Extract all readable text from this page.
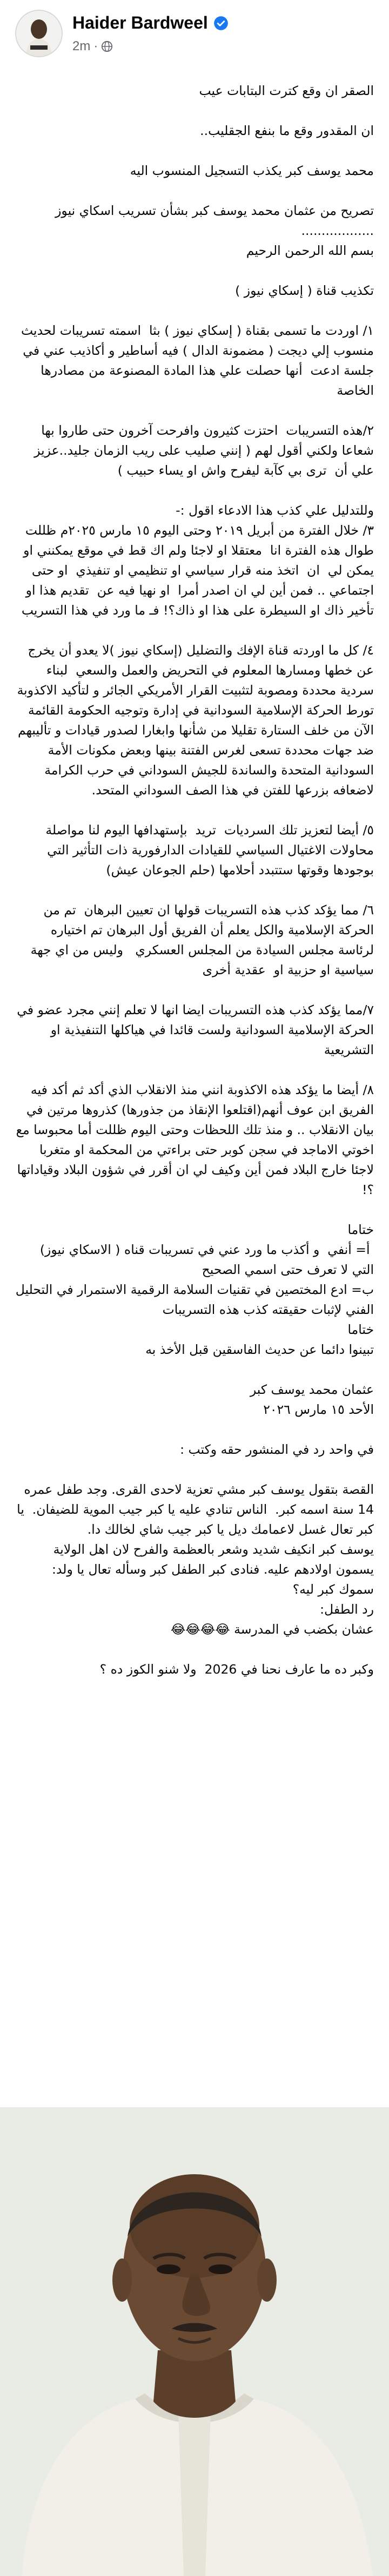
Haider Bardweel
2m ·

الصقر ان وقع كترت البتابات عيب

ان المقدور وقع ما بنفع الجقليب..

محمد يوسف كبر يكذب التسجيل المنسوب اليه

تصريح من عثمان محمد يوسف كبر بشأن تسريب اسكاي نيوز
..................
بسم الله الرحمن الرحيم

تكذيب قناة ( إسكاي نيوز )

١/ اوردت ما تسمى بقناة ( إسكاي نيوز ) بثا  اسمته تسريبات لحديث منسوب إلي ديجت ( مضمونة الدال ) فيه أساطير و أكاذيب عني في جلسة ادعت  أنها حصلت علي هذا المادة المصنوعة من مصادرها الخاصة

٢/هذه التسريبات  احتزت كثيرون وافرحت آخرون حتى طاروا بها شعاعا ولكني أقول لهم ( إنني صليب على ريب الزمان جليد..عزيز علي أن  ترى بي كآبة ليفرح واش او يساء حبيب )

وللتدليل علي كذب هذا الادعاء اقول :-
٣/ خلال الفترة من أبريل ٢٠١٩ وحتى اليوم ١٥ مارس ٢٠٢٥م ظللت طوال هذه الفترة انا  معتقلا او لاجئا ولم اك قط في موقع يمكنني او يمكن لي  ان  اتخذ منه قرار سياسي او تنظيمي او تنفيذي  او حتى اجتماعي .. فمن أين لي ان اصدر أمرا  او نهيا فيه عن  تقديم هذا او تأخير ذاك او السيطرة على هذا او ذاك؟! فـ ما ورد في هذا التسريب

٤/ كل ما اوردته قناة الإفك والتضليل (إسكاي نيوز )لا يعدو أن يخرج عن خطها ومسارها المعلوم في التحريض والعمل والسعي  لبناء سردية محددة ومصوبة لتثبيت القرار الأمريكي الجائر و لتأكيد الاكذوبة تورط الحركة الإسلامية السودانية في إدارة وتوجيه الحكومة القائمة الآن من خلف الستارة تقليلا من شأنها وابغارا لصدور قيادات و تأليبهم ضد جهات محددة تسعى لغرس الفتنة بينها وبعض مكونات الأمة السودانية المتحدة والساندة للجيش السوداني في حرب الكرامة لاضعافه بزرعها للفتن في هذا الصف السوداني المتحد.

٥/ أيضا لتعزيز تلك السرديات  تريد  بإستهدافها اليوم لنا مواصلة محاولات الاغتيال السياسي للقيادات الدارفورية ذات التأثير التي بوجودها وقوتها ستتبدد أحلامها (حلم الجوعان عيش)

٦/ مما يؤكد كذب هذه التسريبات قولها ان تعيين البرهان  تم من الحركة الإسلامية والكل يعلم أن الفريق أول البرهان تم اختياره لرئاسة مجلس السيادة من المجلس العسكري   وليس من اي جهة سياسية او حزبية او  عقدية أخرى

٧/مما يؤكد كذب هذه التسريبات ايضا انها لا تعلم إنني مجرد عضو في الحركة الإسلامية السودانية ولست قائدا في هياكلها التنفيذية او التشريعية

٨/ أيضا ما يؤكد هذه الاكذوبة انني منذ الانقلاب الذي أكد ثم أكد فيه الفريق ابن عوف أنهم(اقتلعوا الإنقاذ من جذورها) كذروها مرتين في بيان الانقلاب .. و منذ تلك اللحظات وحتى اليوم ظللت أما محبوسا مع اخوتي الاماجد في سجن كوبر حتى براءتي من المحكمة او متغربا لاجئا خارج البلاد فمن أين وكيف لي ان أقرر في شؤون البلاد وقياداتها ؟!

ختاما
أ= أنفي  و أكذب ما ورد عني في تسريبات قناه ( الاسكاي نيوز) التي لا تعرف حتى اسمي الصحيح
ب= ادع المختصين في تقنيات السلامة الرقمية الاستمرار في التحليل الفني لإثبات حقيقته كذب هذه التسريبات
ختاما
تبينوا دائما عن حديث الفاسقين قبل الأخذ به

عثمان محمد يوسف كبر
الأحد ١٥ مارس ٢٠٢٦

في واحد رد في المنشور حقه وكتب :

القصة بتقول يوسف كبر مشي تعزية لاحدى القرى. وجد طفل عمره 14 سنة اسمه كبر.  الناس تنادي عليه يا كبر جيب الموية للضيفان.  يا كبر تعال غسل لاعمامك ديل يا كبر جيب شاي لخالك دا.
يوسف كبر انكيف شديد وشعر بالعظمة والفرح لان اهل الولاية يسمون اولادهم عليه. فنادى كبر الطفل كبر وسأله تعال يا ولد: سموك كبر ليه؟
رد الطفل:
عشان بكضب في المدرسة 😂😂😂😂

وكبر ده ما عارف نحنا في 2026  ولا شنو الكوز ده ؟
